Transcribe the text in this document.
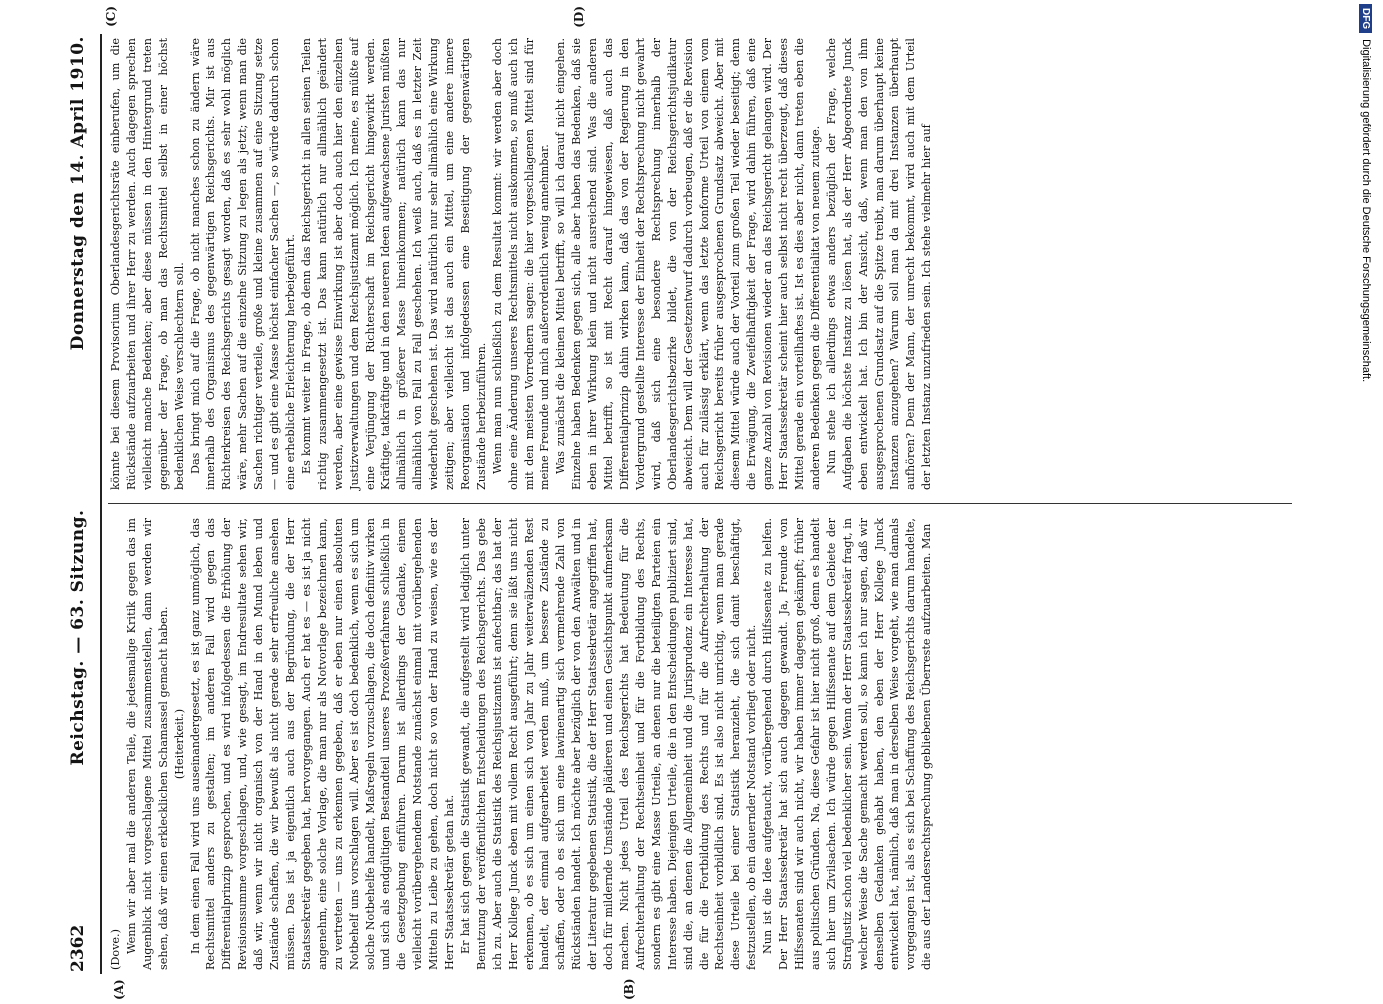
2362
Reichstag. — 63. Sitzung.
Donnerstag den 14. April 1910.
(A)	(B)

(Dove.) Wenn wir aber mal die anderen Teile, die jedesmalige Kritik gegen das im Augenblick nicht vorgeschlagene Mittel zusammenstellen, dann werden wir sehen, daß wir einen erklecklichen Schamassel gemacht haben. (Heiterkeit.) In dem einen Fall wird uns auseinandergesetzt, es ist ganz unmöglich, das Rechtsmittel anders zu gestalten; im anderen Fall wird gegen das Differentialprinzip gesprochen, und es wird infolgedessen die Erhöhung der Revisionssumme vorgeschlagen, und, wie gesagt, im Endresultate sehen wir, daß wir, wenn wir nicht organisch von der Hand in den Mund leben und Zustände schaffen, die wir bewußt als nicht gerade sehr erfreuliche ansehen müssen. Das ist ja eigentlich auch aus der Begründung, die der Herr Staatssekretär gegeben hat, hervorgegangen. Auch er hat es — es ist ja nicht angenehm, eine solche Vorlage, die man nur als Notvorlage bezeichnen kann, zu vertreten — uns zu erkennen gegeben, daß er eben nur einen absoluten Notbehelf uns vorschlagen will. Aber es ist doch bedenklich, wenn es sich um solche Notbehelfe handelt, Maßregeln vorzuschlagen, die doch definitiv wirken und sich als endgültigen Bestandteil unseres Prozeßverfahrens schließlich in die Gesetzgebung einführen. Darum ist allerdings der Gedanke, einem vielleicht vorübergehendem Notstande zunächst einmal mit vorübergehenden Mitteln zu Leibe zu gehen, doch nicht so von der Hand zu weisen, wie es der Herr Staatssekretär getan hat. Er hat sich gegen die Statistik gewandt, die aufgestellt wird lediglich unter Benutzung der veröffentlichten Entscheidungen des Reichsgerichts. Das gebe ich zu. Aber auch die Statistik des Reichsjustizamts ist anfechtbar; das hat der Herr Kollege Junck eben mit vollem Recht ausgeführt; denn sie läßt uns nicht erkennen, ob es sich um einen sich von Jahr zu Jahr weiterwälzenden Rest handelt, der einmal aufgearbeitet werden muß, um bessere Zustände zu schaffen, oder ob es sich um eine lawinenartig sich vermehrende Zahl von Rückständen handelt. Ich möchte aber bezüglich der von den Anwälten und in der Literatur gegebenen Statistik, die der Herr Staatssekretär angegriffen hat, doch für mildernde Umstände plädieren und einen Gesichtspunkt aufmerksam machen. Nicht jedes Urteil des Reichsgerichts hat Bedeutung für die Aufrechterhaltung der Rechtseinheit und für die Fortbildung des Rechts, sondern es gibt eine Masse Urteile, an denen nur die beteiligten Parteien ein Interesse haben. Diejenigen Urteile, die in den Entscheidungen publiziert sind, sind die, an denen die Allgemeinheit und die Jurisprudenz ein Interesse hat, die für die Fortbildung des Rechts und für die Aufrechterhaltung der Rechtseinheit vorbildlich sind. Es ist also nicht unrichtig, wenn man gerade diese Urteile bei einer Statistik heranzieht, die sich damit beschäftigt, festzustellen, ob ein dauernder Notstand vorliegt oder nicht. Nun ist die Idee aufgetaucht, vorübergehend durch Hilfssenate zu helfen. Der Herr Staatssekretär hat sich auch dagegen gewandt. Ja, Freunde von Hilfssenaten sind wir auch nicht, wir haben immer dagegen gekämpft; früher aus politischen Gründen. Na, diese Gefahr ist hier nicht groß, denn es handelt sich hier um Zivilsachen. Ich würde gegen Hilfssenate auf dem Gebiete der Strafjustiz schon viel bedenklicher sein. Wenn der Herr Staatssekretär fragt, in welcher Weise die Sache gemacht werden soll, so kann ich nur sagen, daß wir denselben Gedanken gehabt haben, den eben der Herr Kollege Junck entwickelt hat, nämlich, daß man in derselben Weise vorgeht, wie man damals vorgegangen ist, als es sich bei Schaffung des Reichsgerichts darum handelte, die aus der Landesrechtsprechung gebliebenen Überreste aufzuarbeiten. Man

(C)	(D)

könnte bei diesem Provisorium Oberlandesgerichtsräte einberufen, um die Rückstände aufzuarbeiten und ihrer Herr zu werden. Auch dagegen sprechen vielleicht manche Bedenken; aber diese müssen in den Hintergrund treten gegenüber der Frage, ob man das Rechtsmittel selbst in einer höchst bedenklichen Weise verschlechtern soll. Das bringt mich auf die Frage, ob nicht manches schon zu ändern wäre innerhalb des Organismus des gegenwärtigen Reichsgerichts. Mir ist aus Richterkreisen des Reichsgerichts gesagt worden, daß es sehr wohl möglich wäre, mehr Sachen auf die einzelne Sitzung zu legen als jetzt; wenn man die Sachen richtiger verteile, große und kleine zusammen auf eine Sitzung setze — und es gibt eine Masse höchst einfacher Sachen —, so würde dadurch schon eine erhebliche Erleichterung herbeigeführt. Es kommt weiter in Frage, ob denn das Reichsgericht in allen seinen Teilen richtig zusammengesetzt ist. Das kann natürlich nur allmählich geändert werden, aber eine gewisse Einwirkung ist aber doch auch hier den einzelnen Justizverwaltungen und dem Reichsjustizamt möglich. Ich meine, es müßte auf eine Verjüngung der Richterschaft im Reichsgericht hingewirkt werden. Kräftige, tatkräftige und in den neueren Ideen aufgewachsene Juristen müßten allmählich in größerer Masse hineinkommen; natürlich kann das nur allmählich von Fall zu Fall geschehen. Ich weiß auch, daß es in letzter Zeit wiederholt geschehen ist. Das wird natürlich nur sehr allmählich eine Wirkung zeitigen; aber vielleicht ist das auch ein Mittel, um eine andere innere Reorganisation und infolgedessen eine Beseitigung der gegenwärtigen Zustände herbeizuführen. Wenn man nun schließlich zu dem Resultat kommt: wir werden aber doch ohne eine Änderung unseres Rechtsmittels nicht auskommen, so muß auch ich mit den meisten Vorrednern sagen: die hier vorgeschlagenen Mittel sind für meine Freunde und mich außerordentlich wenig annehmbar. Was zunächst die kleinen Mittel betrifft, so will ich darauf nicht eingehen. Einzelne haben Bedenken gegen sich, alle aber haben das Bedenken, daß sie eben in ihrer Wirkung klein und nicht ausreichend sind. Was die anderen Mittel betrifft, so ist mit Recht darauf hingewiesen, daß auch das Differentialprinzip dahin wirken kann, daß das von der Regierung in den Vordergrund gestellte Interesse der Einheit der Rechtsprechung nicht gewahrt wird, daß sich eine besondere Rechtsprechung innerhalb der Oberlandesgerichtsbezirke bildet, die von der Reichsgerichtsjudikatur abweicht. Dem will der Gesetzentwurf dadurch vorbeugen, daß er die Revision auch für zulässig erklärt, wenn das letzte konforme Urteil von einem vom Reichsgericht bereits früher ausgesprochenen Grundsatz abweicht. Aber mit diesem Mittel würde auch der Vorteil zum großen Teil wieder beseitigt; denn die Erwägung, die Zweifelhaftigkeit der Frage, wird dahin führen, daß eine ganze Anzahl von Revisionen wieder an das Reichsgericht gelangen wird. Der Herr Staatssekretär scheint hier auch selbst nicht recht überzeugt, daß dieses Mittel gerade ein vorteilhaftes ist. Ist es dies aber nicht, dann treten eben die anderen Bedenken gegen die Differentialitat von neuem zutage. Nun stehe ich allerdings etwas anders bezüglich der Frage, welche Aufgaben die höchste Instanz zu lösen hat, als der Herr Abgeordnete Junck eben entwickelt hat. Ich bin der Ansicht, daß, wenn man den von ihm ausgesprochenen Grundsatz auf die Spitze treibt, man darum überhaupt keine Instanzen anzugehen? Warum soll man da mit drei Instanzen überhaupt aufhören? Denn der Mann, der unrecht bekommt, wird auch mit dem Urteil der letzten Instanz unzufrieden sein. Ich stehe vielmehr hier auf

DFG
Digitalisierung gefördert durch die Deutsche Forschungsgemeinschaft.
